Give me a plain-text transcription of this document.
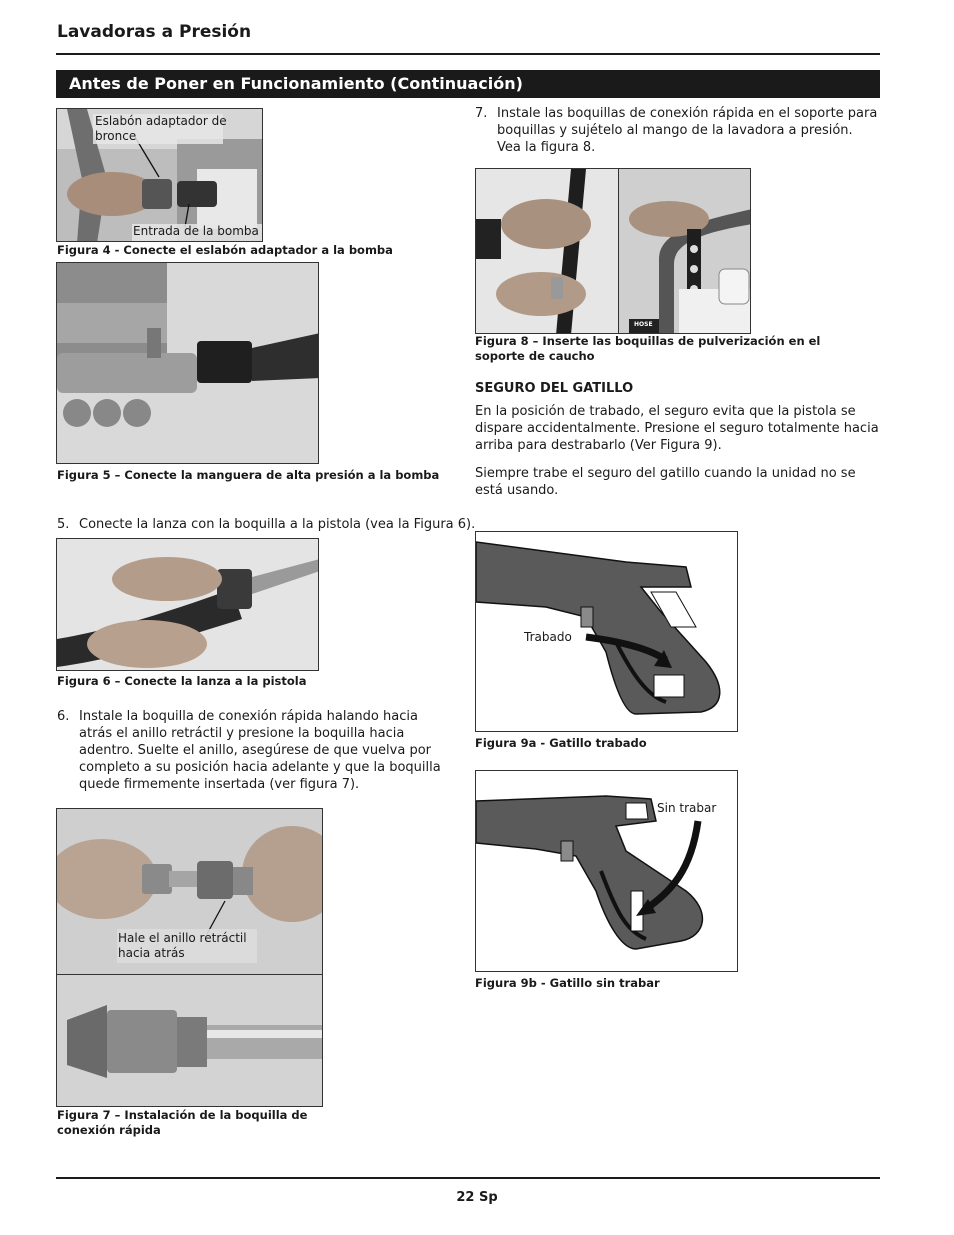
Lavadoras a Presión
Antes de Poner en Funcionamiento (Continuación)
Eslabón adaptador de
bronce
Entrada de la bomba
Figura 4 - Conecte el eslabón adaptador a la bomba
Figura 5 – Conecte la manguera de alta presión a la bomba
5. Conecte la lanza con la boquilla a la pistola (vea la Figura 6).
Figura 6 – Conecte la lanza a la pistola
6. Instale la boquilla de conexión rápida halando hacia atrás el anillo retráctil y presione la boquilla hacia adentro. Suelte el anillo, asegúrese de que vuelva por completo a su posición hacia adelante y que la boquilla quede firmemente insertada (ver figura 7).
Hale el anillo retráctil
hacia atrás
Figura 7 – Instalación de la boquilla de
conexión rápida
7. Instale las boquillas de conexión rápida en el soporte para boquillas y sujételo al mango de la lavadora a presión. Vea la figura 8.
HOSE
Figura 8 – Inserte las boquillas de pulverización en el
soporte de caucho
SEGURO DEL GATILLO
En la posición de trabado, el seguro evita que la pistola se dispare accidentalmente. Presione el seguro totalmente hacia arriba para destrabarlo (Ver Figura 9).
Siempre trabe el seguro del gatillo cuando la unidad no se está usando.
Trabado
Figura 9a - Gatillo trabado
Sin trabar
Figura 9b - Gatillo sin trabar
22 Sp
